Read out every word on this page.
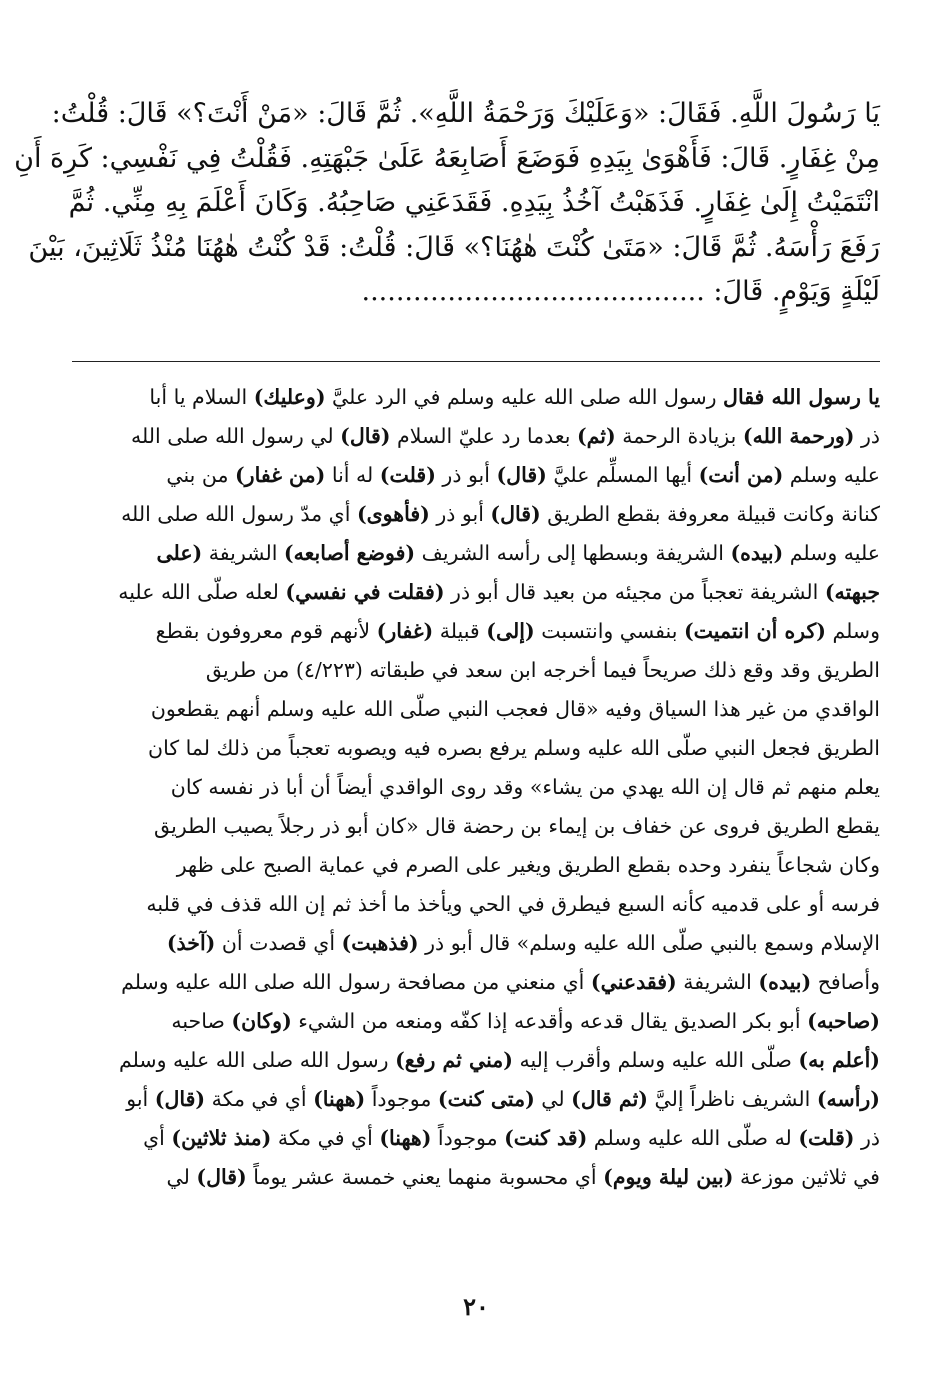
يَا رَسُولَ اللَّهِ. فَقَالَ: «وَعَلَيْكَ وَرَحْمَةُ اللَّهِ». ثُمَّ قَالَ: «مَنْ أَنْتَ؟» قَالَ: قُلْتُ:

مِنْ غِفَارٍ. قَالَ: فَأَهْوَىٰ بِيَدِهِ فَوَضَعَ أَصَابِعَهُ عَلَىٰ جَبْهَتِهِ. فَقُلْتُ فِي نَفْسِي: كَرِهَ أَنِ

انْتَمَيْتُ إِلَىٰ غِفَارٍ. فَذَهَبْتُ آخُذُ بِيَدِهِ. فَقَدَعَنِي صَاحِبُهُ. وَكَانَ أَعْلَمَ بِهِ مِنِّي. ثُمَّ

رَفَعَ رَأْسَهُ. ثُمَّ قَالَ: «مَتَىٰ كُنْتَ هٰهُنَا؟» قَالَ: قُلْتُ: قَدْ كُنْتُ هٰهُنَا مُنْذُ ثَلَاثِينَ، بَيْنَ

لَيْلَةٍ وَيَوْمٍ. قَالَ: ........................................

يا رسول الله فقال رسول الله صلى الله عليه وسلم في الرد عليَّ (وعليك) السلام يا أبا

ذر (ورحمة الله) بزيادة الرحمة (ثم) بعدما رد عليّ السلام (قال) لي رسول الله صلى الله

عليه وسلم (من أنت) أيها المسلِّم عليَّ (قال) أبو ذر (قلت) له أنا (من غفار) من بني

كنانة وكانت قبيلة معروفة بقطع الطريق (قال) أبو ذر (فأهوى) أي مدّ رسول الله صلى الله

عليه وسلم (بيده) الشريفة وبسطها إلى رأسه الشريف (فوضع أصابعه) الشريفة (على

جبهته) الشريفة تعجباً من مجيئه من بعيد قال أبو ذر (فقلت في نفسي) لعله صلّى الله عليه

وسلم (كره أن انتميت) بنفسي وانتسبت (إلى) قبيلة (غفار) لأنهم قوم معروفون بقطع

الطريق وقد وقع ذلك صريحاً فيما أخرجه ابن سعد في طبقاته (٤/٢٢٣) من طريق

الواقدي من غير هذا السياق وفيه «قال فعجب النبي صلّى الله عليه وسلم أنهم يقطعون

الطريق فجعل النبي صلّى الله عليه وسلم يرفع بصره فيه ويصوبه تعجباً من ذلك لما كان

يعلم منهم ثم قال إن الله يهدي من يشاء» وقد روى الواقدي أيضاً أن أبا ذر نفسه كان

يقطع الطريق فروى عن خفاف بن إيماء بن رحضة قال «كان أبو ذر رجلاً يصيب الطريق

وكان شجاعاً ينفرد وحده بقطع الطريق ويغير على الصرم في عماية الصبح على ظهر

فرسه أو على قدميه كأنه السبع فيطرق في الحي ويأخذ ما أخذ ثم إن الله قذف في قلبه

الإسلام وسمع بالنبي صلّى الله عليه وسلم» قال أبو ذر (فذهبت) أي قصدت أن (آخذ)

وأصافح (بيده) الشريفة (فقدعني) أي منعني من مصافحة رسول الله صلى الله عليه وسلم

(صاحبه) أبو بكر الصديق يقال قدعه وأقدعه إذا كفّه ومنعه من الشيء (وكان) صاحبه

(أعلم به) صلّى الله عليه وسلم وأقرب إليه (مني ثم رفع) رسول الله صلى الله عليه وسلم

(رأسه) الشريف ناظراً إليَّ (ثم قال) لي (متى كنت) موجوداً (ههنا) أي في مكة (قال) أبو

ذر (قلت) له صلّى الله عليه وسلم (قد كنت) موجوداً (ههنا) أي في مكة (منذ ثلاثين) أي

في ثلاثين موزعة (بين ليلة ويوم) أي محسوبة منهما يعني خمسة عشر يوماً (قال) لي

٢٠
